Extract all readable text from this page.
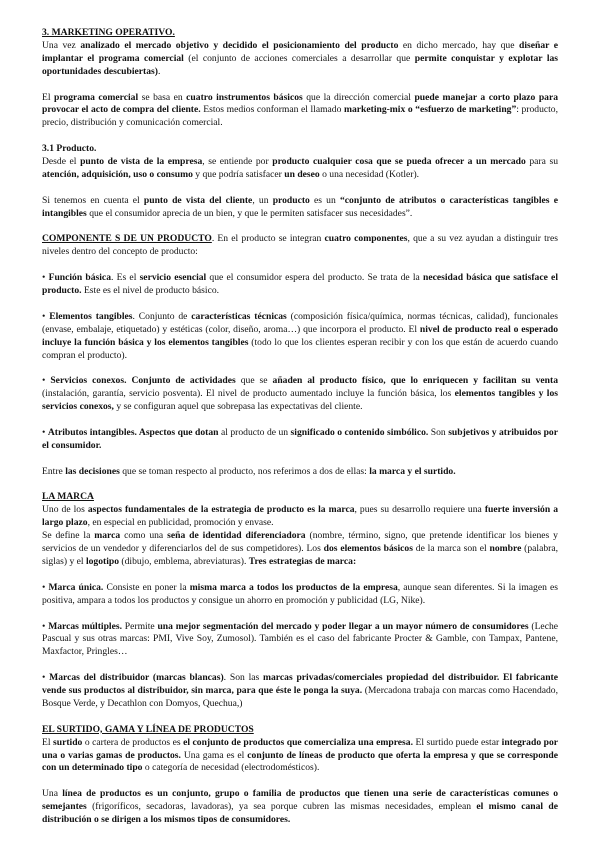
3. MARKETING OPERATIVO.

Una vez analizado el mercado objetivo y decidido el posicionamiento del producto en dicho mercado, hay que diseñar e implantar el programa comercial (el conjunto de acciones comerciales a desarrollar que permite conquistar y explotar las oportunidades descubiertas).

El programa comercial se basa en cuatro instrumentos básicos que la dirección comercial puede manejar a corto plazo para provocar el acto de compra del cliente. Estos medios conforman el llamado marketing-mix o “esfuerzo de marketing”: producto, precio, distribución y comunicación comercial.

3.1 Producto.

Desde el punto de vista de la empresa, se entiende por producto cualquier cosa que se pueda ofrecer a un mercado para su atención, adquisición, uso o consumo y que podría satisfacer un deseo o una necesidad (Kotler).

Si tenemos en cuenta el punto de vista del cliente, un producto es un “conjunto de atributos o características tangibles e intangibles que el consumidor aprecia de un bien, y que le permiten satisfacer sus necesidades”.

COMPONENTE S DE UN PRODUCTO. En el producto se integran cuatro componentes, que a su vez ayudan a distinguir tres niveles dentro del concepto de producto:

• Función básica. Es el servicio esencial que el consumidor espera del producto. Se trata de la necesidad básica que satisface el producto. Este es el nivel de producto básico.

• Elementos tangibles. Conjunto de características técnicas (composición física/química, normas técnicas, calidad), funcionales (envase, embalaje, etiquetado) y estéticas (color, diseño, aroma…) que incorpora el producto. El nivel de producto real o esperado incluye la función básica y los elementos tangibles (todo lo que los clientes esperan recibir y con los que están de acuerdo cuando compran el producto).

• Servicios conexos. Conjunto de actividades que se añaden al producto físico, que lo enriquecen y facilitan su venta (instalación, garantía, servicio posventa). El nivel de producto aumentado incluye la función básica, los elementos tangibles y los servicios conexos, y se configuran aquel que sobrepasa las expectativas del cliente.

• Atributos intangibles. Aspectos que dotan al producto de un significado o contenido simbólico. Son subjetivos y atribuidos por el consumidor.

Entre las decisiones que se toman respecto al producto, nos referimos a dos de ellas: la marca y el surtido.

LA MARCA

Uno de los aspectos fundamentales de la estrategia de producto es la marca, pues su desarrollo requiere una fuerte inversión a largo plazo, en especial en publicidad, promoción y envase.

Se define la marca como una seña de identidad diferenciadora (nombre, término, signo, que pretende identificar los bienes y servicios de un vendedor y diferenciarlos del de sus competidores). Los dos elementos básicos de la marca son el nombre (palabra, siglas) y el logotipo (dibujo, emblema, abreviaturas). Tres estrategias de marca:

• Marca única. Consiste en poner la misma marca a todos los productos de la empresa, aunque sean diferentes. Si la imagen es positiva, ampara a todos los productos y consigue un ahorro en promoción y publicidad (LG, Nike).

• Marcas múltiples. Permite una mejor segmentación del mercado y poder llegar a un mayor número de consumidores (Leche Pascual y sus otras marcas: PMI, Vive Soy, Zumosol). También es el caso del fabricante Procter & Gamble, con Tampax, Pantene, Maxfactor, Pringles…

• Marcas del distribuidor (marcas blancas). Son las marcas privadas/comerciales propiedad del distribuidor. El fabricante vende sus productos al distribuidor, sin marca, para que éste le ponga la suya. (Mercadona trabaja con marcas como Hacendado, Bosque Verde, y Decathlon con Domyos, Quechua,)

EL SURTIDO, GAMA Y LÍNEA DE PRODUCTOS

El surtido o cartera de productos es el conjunto de productos que comercializa una empresa. El surtido puede estar integrado por una o varias gamas de productos. Una gama es el conjunto de líneas de producto que oferta la empresa y que se corresponde con un determinado tipo o categoría de necesidad (electrodomésticos).

Una línea de productos es un conjunto, grupo o familia de productos que tienen una serie de características comunes o semejantes (frigoríficos, secadoras, lavadoras), ya sea porque cubren las mismas necesidades, emplean el mismo canal de distribución o se dirigen a los mismos tipos de consumidores.
